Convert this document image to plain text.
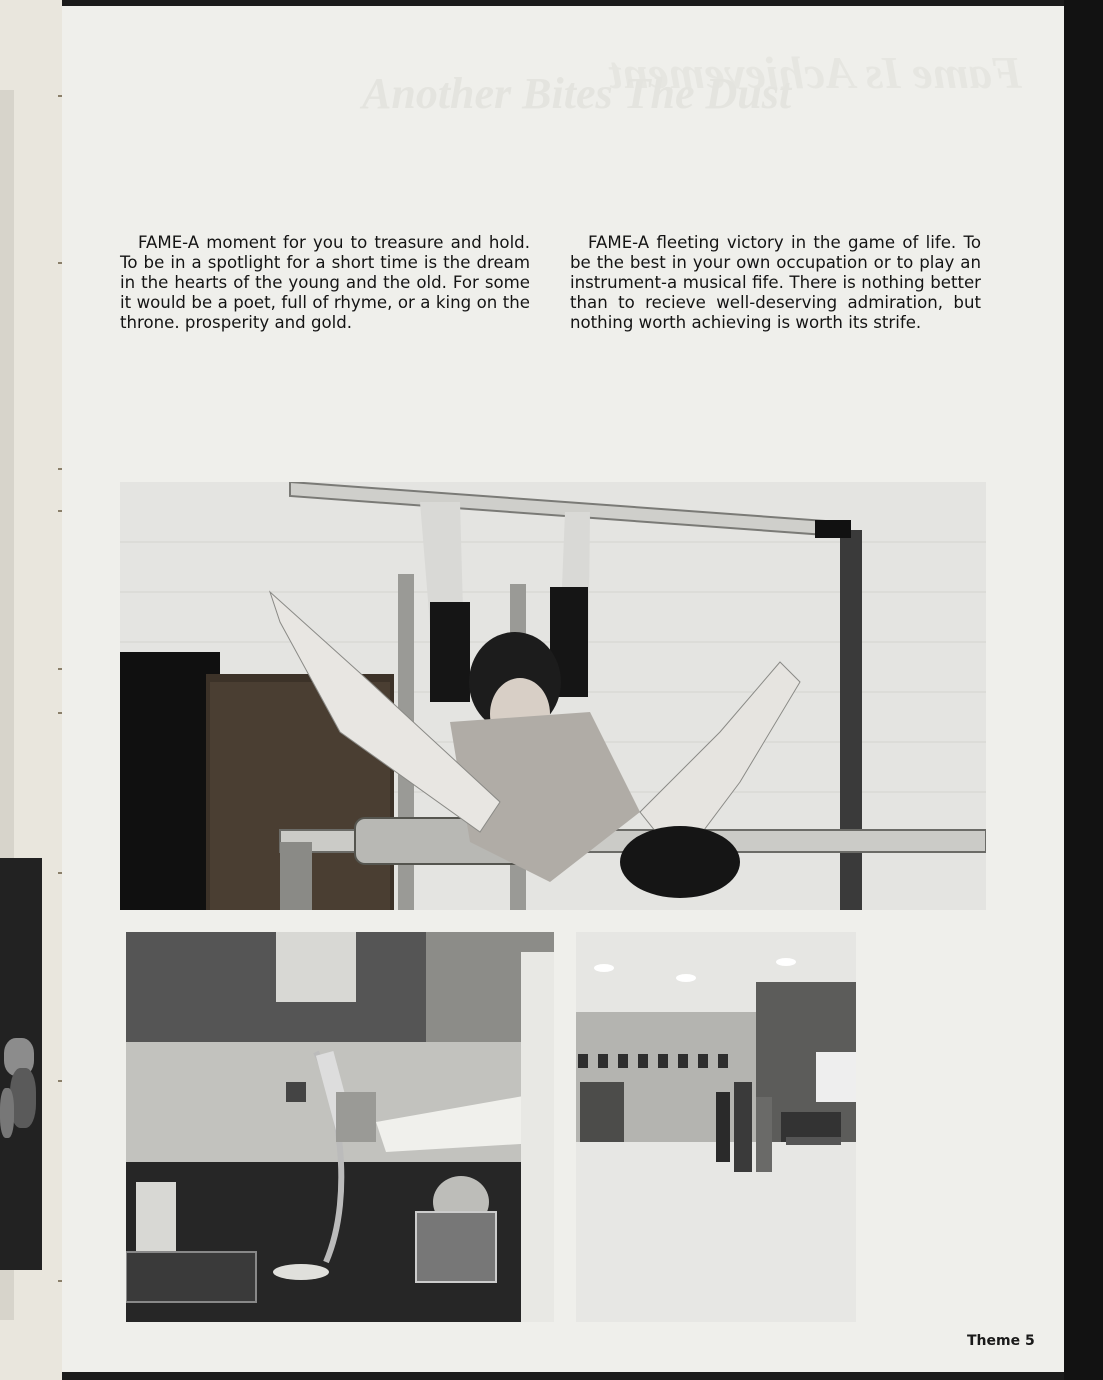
Fame Is Achievement
Another Bites The Dust

FAME-A moment for you to treasure and hold. To be in a spotlight for a short time is the dream in the hearts of the young and the old. For some it would be a poet, full of rhyme, or a king on the throne. prosperity and gold.

FAME-A fleeting victory in the game of life. To be the best in your own occupation or to play an instrument-a musical fife. There is nothing better than to recieve well-deserving admiration, but nothing worth achieving is worth its strife.

Theme 5
